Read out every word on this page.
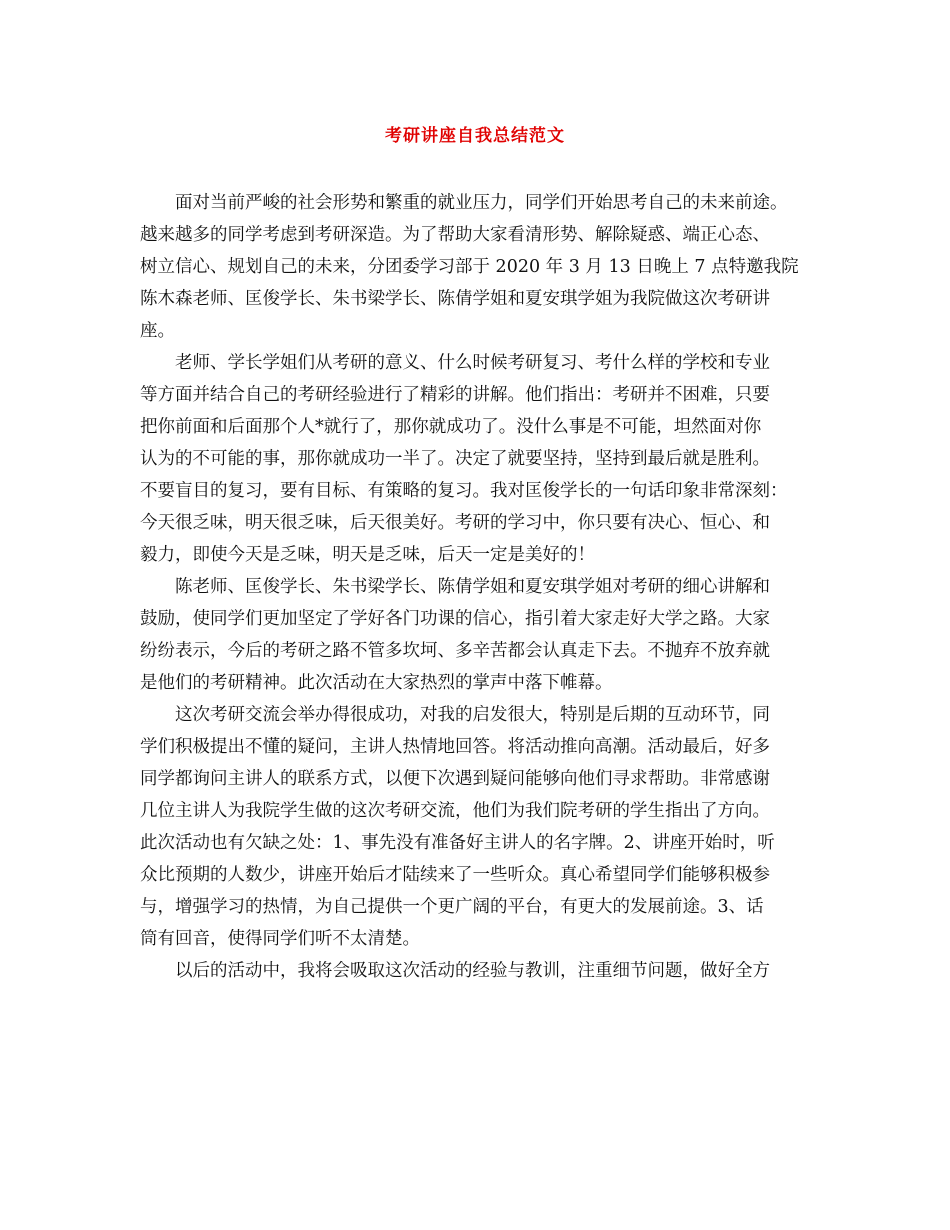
考研讲座自我总结范文
面对当前严峻的社会形势和繁重的就业压力，同学们开始思考自己的未来前途。
越来越多的同学考虑到考研深造。为了帮助大家看清形势、解除疑惑、端正心态、
树立信心、规划自己的未来，分团委学习部于 2020 年 3 月 13 日晚上 7 点特邀我院
陈木森老师、匡俊学长、朱书梁学长、陈倩学姐和夏安琪学姐为我院做这次考研讲
座。
老师、学长学姐们从考研的意义、什么时候考研复习、考什么样的学校和专业
等方面并结合自己的考研经验进行了精彩的讲解。他们指出：考研并不困难，只要
把你前面和后面那个人*就行了，那你就成功了。没什么事是不可能，坦然面对你
认为的不可能的事，那你就成功一半了。决定了就要坚持，坚持到最后就是胜利。
不要盲目的复习，要有目标、有策略的复习。我对匡俊学长的一句话印象非常深刻：
今天很乏味，明天很乏味，后天很美好。考研的学习中，你只要有决心、恒心、和
毅力，即使今天是乏味，明天是乏味，后天一定是美好的！
陈老师、匡俊学长、朱书梁学长、陈倩学姐和夏安琪学姐对考研的细心讲解和
鼓励，使同学们更加坚定了学好各门功课的信心，指引着大家走好大学之路。大家
纷纷表示，今后的考研之路不管多坎坷、多辛苦都会认真走下去。不抛弃不放弃就
是他们的考研精神。此次活动在大家热烈的掌声中落下帷幕。
这次考研交流会举办得很成功，对我的启发很大，特别是后期的互动环节，同
学们积极提出不懂的疑问，主讲人热情地回答。将活动推向高潮。活动最后，好多
同学都询问主讲人的联系方式，以便下次遇到疑问能够向他们寻求帮助。非常感谢
几位主讲人为我院学生做的这次考研交流，他们为我们院考研的学生指出了方向。
此次活动也有欠缺之处：1、事先没有准备好主讲人的名字牌。2、讲座开始时，听
众比预期的人数少，讲座开始后才陆续来了一些听众。真心希望同学们能够积极参
与，增强学习的热情，为自己提供一个更广阔的平台，有更大的发展前途。3、话
筒有回音，使得同学们听不太清楚。
以后的活动中，我将会吸取这次活动的经验与教训，注重细节问题，做好全方
